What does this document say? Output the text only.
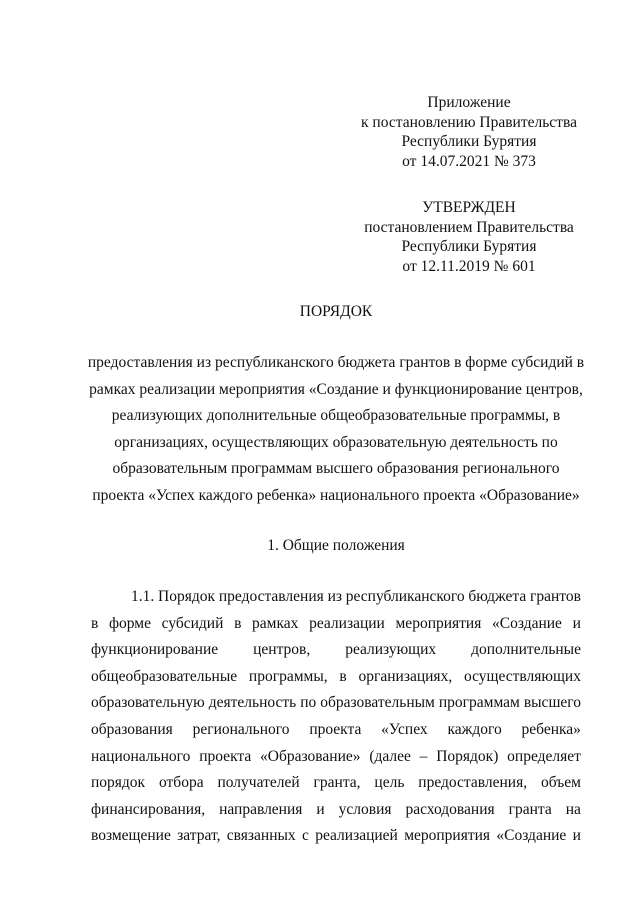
Приложение
к постановлению Правительства
Республики Бурятия
от 14.07.2021 № 373
УТВЕРЖДЕН
постановлением Правительства
Республики Бурятия
от 12.11.2019 № 601
ПОРЯДОК
предоставления из республиканского бюджета грантов в форме субсидий в
рамках реализации мероприятия «Создание и функционирование центров,
реализующих дополнительные общеобразовательные программы, в
организациях, осуществляющих образовательную деятельность по
образовательным программам высшего образования регионального
проекта «Успех каждого ребенка» национального проекта «Образование»
1. Общие положения
1.1. Порядок предоставления из республиканского бюджета грантов
в форме субсидий в рамках реализации мероприятия «Создание и
функционирование центров, реализующих дополнительные
общеобразовательные программы, в организациях, осуществляющих
образовательную деятельность по образовательным программам высшего
образования регионального проекта «Успех каждого ребенка»
национального проекта «Образование» (далее – Порядок) определяет
порядок отбора получателей гранта, цель предоставления, объем
финансирования, направления и условия расходования гранта на
возмещение затрат, связанных с реализацией мероприятия «Создание и
